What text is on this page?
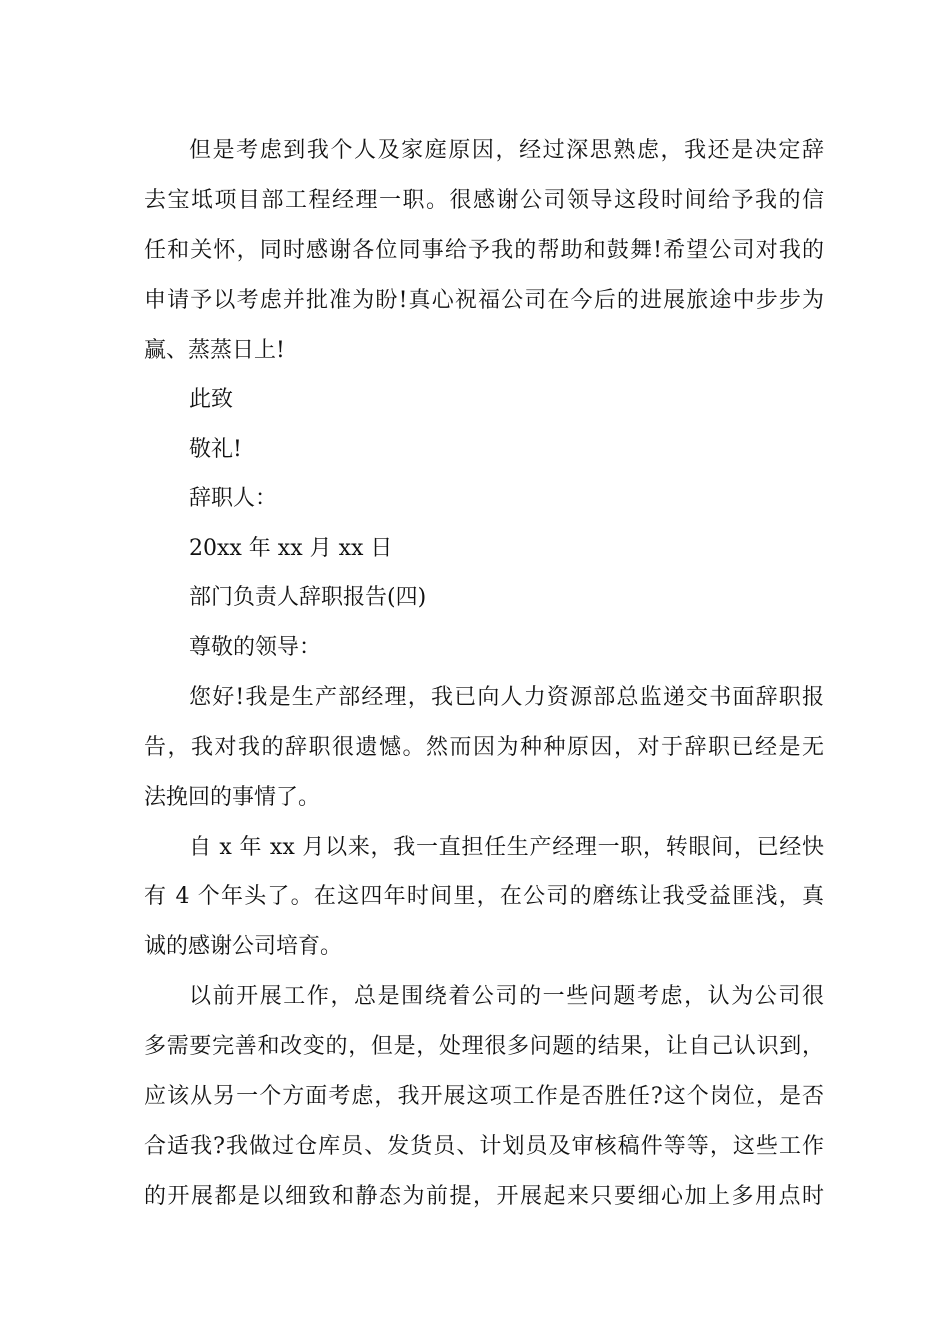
但是考虑到我个人及家庭原因，经过深思熟虑，我还是决定辞
去宝坻项目部工程经理一职。很感谢公司领导这段时间给予我的信
任和关怀，同时感谢各位同事给予我的帮助和鼓舞!希望公司对我的
申请予以考虑并批准为盼!真心祝福公司在今后的进展旅途中步步为
赢、蒸蒸日上!
此致
敬礼!
辞职人：
20xx 年 xx 月 xx 日
部门负责人辞职报告(四)
尊敬的领导：
您好!我是生产部经理，我已向人力资源部总监递交书面辞职报
告，我对我的辞职很遗憾。然而因为种种原因，对于辞职已经是无
法挽回的事情了。
自 x 年 xx 月以来，我一直担任生产经理一职，转眼间，已经快
有 4 个年头了。在这四年时间里，在公司的磨练让我受益匪浅，真
诚的感谢公司培育。
以前开展工作，总是围绕着公司的一些问题考虑，认为公司很
多需要完善和改变的，但是，处理很多问题的结果，让自己认识到，
应该从另一个方面考虑，我开展这项工作是否胜任?这个岗位，是否
合适我?我做过仓库员、发货员、计划员及审核稿件等等，这些工作
的开展都是以细致和静态为前提，开展起来只要细心加上多用点时
